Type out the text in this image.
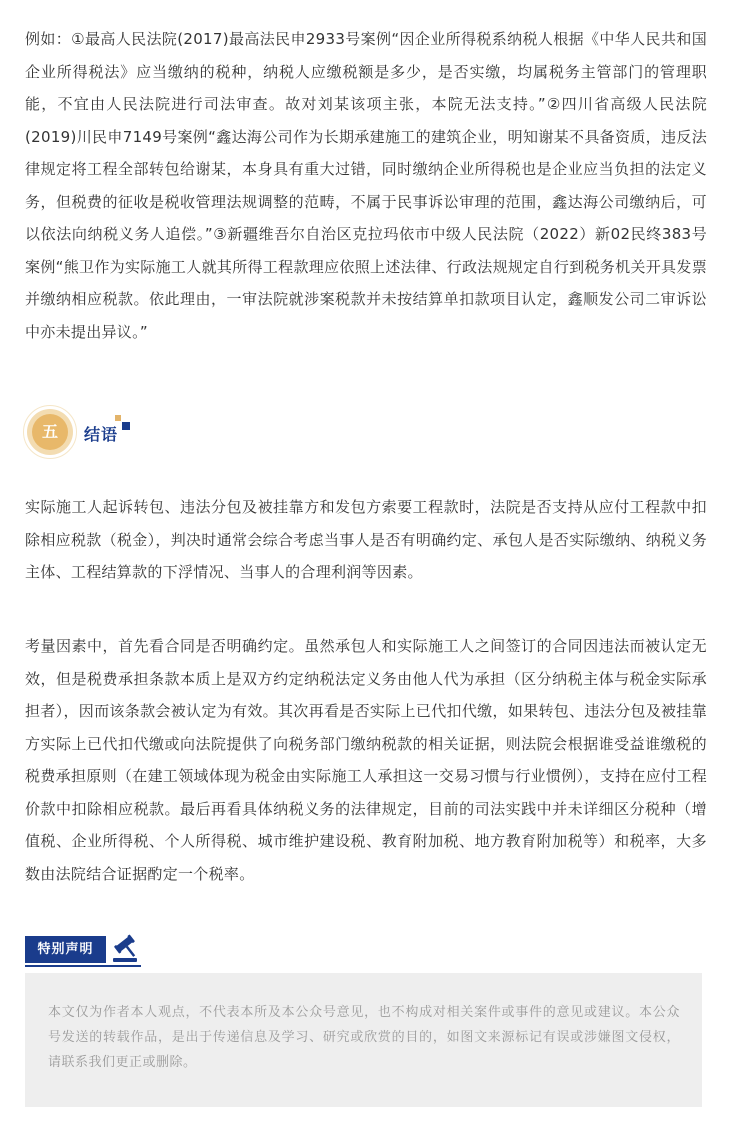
例如：①最高人民法院(2017)最高法民申2933号案例“因企业所得税系纳税人根据《中华人民共和国企业所得税法》应当缴纳的税种，纳税人应缴税额是多少，是否实缴，均属税务主管部门的管理职能，不宜由人民法院进行司法审查。故对刘某该项主张，本院无法支持。”②四川省高级人民法院(2019)川民申7149号案例“鑫达海公司作为长期承建施工的建筑企业，明知谢某不具备资质，违反法律规定将工程全部转包给谢某，本身具有重大过错，同时缴纳企业所得税也是企业应当负担的法定义务，但税费的征收是税收管理法规调整的范畴，不属于民事诉讼审理的范围，鑫达海公司缴纳后，可以依法向纳税义务人追偿。”③新疆维吾尔自治区克拉玛依市中级人民法院（2022）新02民终383号案例“熊卫作为实际施工人就其所得工程款理应依照上述法律、行政法规规定自行到税务机关开具发票并缴纳相应税款。依此理由，一审法院就涉案税款并未按结算单扣款项目认定，鑫顺发公司二审诉讼中亦未提出异议。”

五	结语

实际施工人起诉转包、违法分包及被挂靠方和发包方索要工程款时，法院是否支持从应付工程款中扣除相应税款（税金），判决时通常会综合考虑当事人是否有明确约定、承包人是否实际缴纳、纳税义务主体、工程结算款的下浮情况、当事人的合理利润等因素。

考量因素中，首先看合同是否明确约定。虽然承包人和实际施工人之间签订的合同因违法而被认定无效，但是税费承担条款本质上是双方约定纳税法定义务由他人代为承担（区分纳税主体与税金实际承担者），因而该条款会被认定为有效。其次再看是否实际上已代扣代缴，如果转包、违法分包及被挂靠方实际上已代扣代缴或向法院提供了向税务部门缴纳税款的相关证据，则法院会根据谁受益谁缴税的税费承担原则（在建工领域体现为税金由实际施工人承担这一交易习惯与行业惯例），支持在应付工程价款中扣除相应税款。最后再看具体纳税义务的法律规定，目前的司法实践中并未详细区分税种（增值税、企业所得税、个人所得税、城市维护建设税、教育附加税、地方教育附加税等）和税率，大多数由法院结合证据酌定一个税率。

特别声明

本文仅为作者本人观点，不代表本所及本公众号意见，也不构成对相关案件或事件的意见或建议。本公众号发送的转载作品，是出于传递信息及学习、研究或欣赏的目的，如图文来源标记有误或涉嫌图文侵权，请联系我们更正或删除。
